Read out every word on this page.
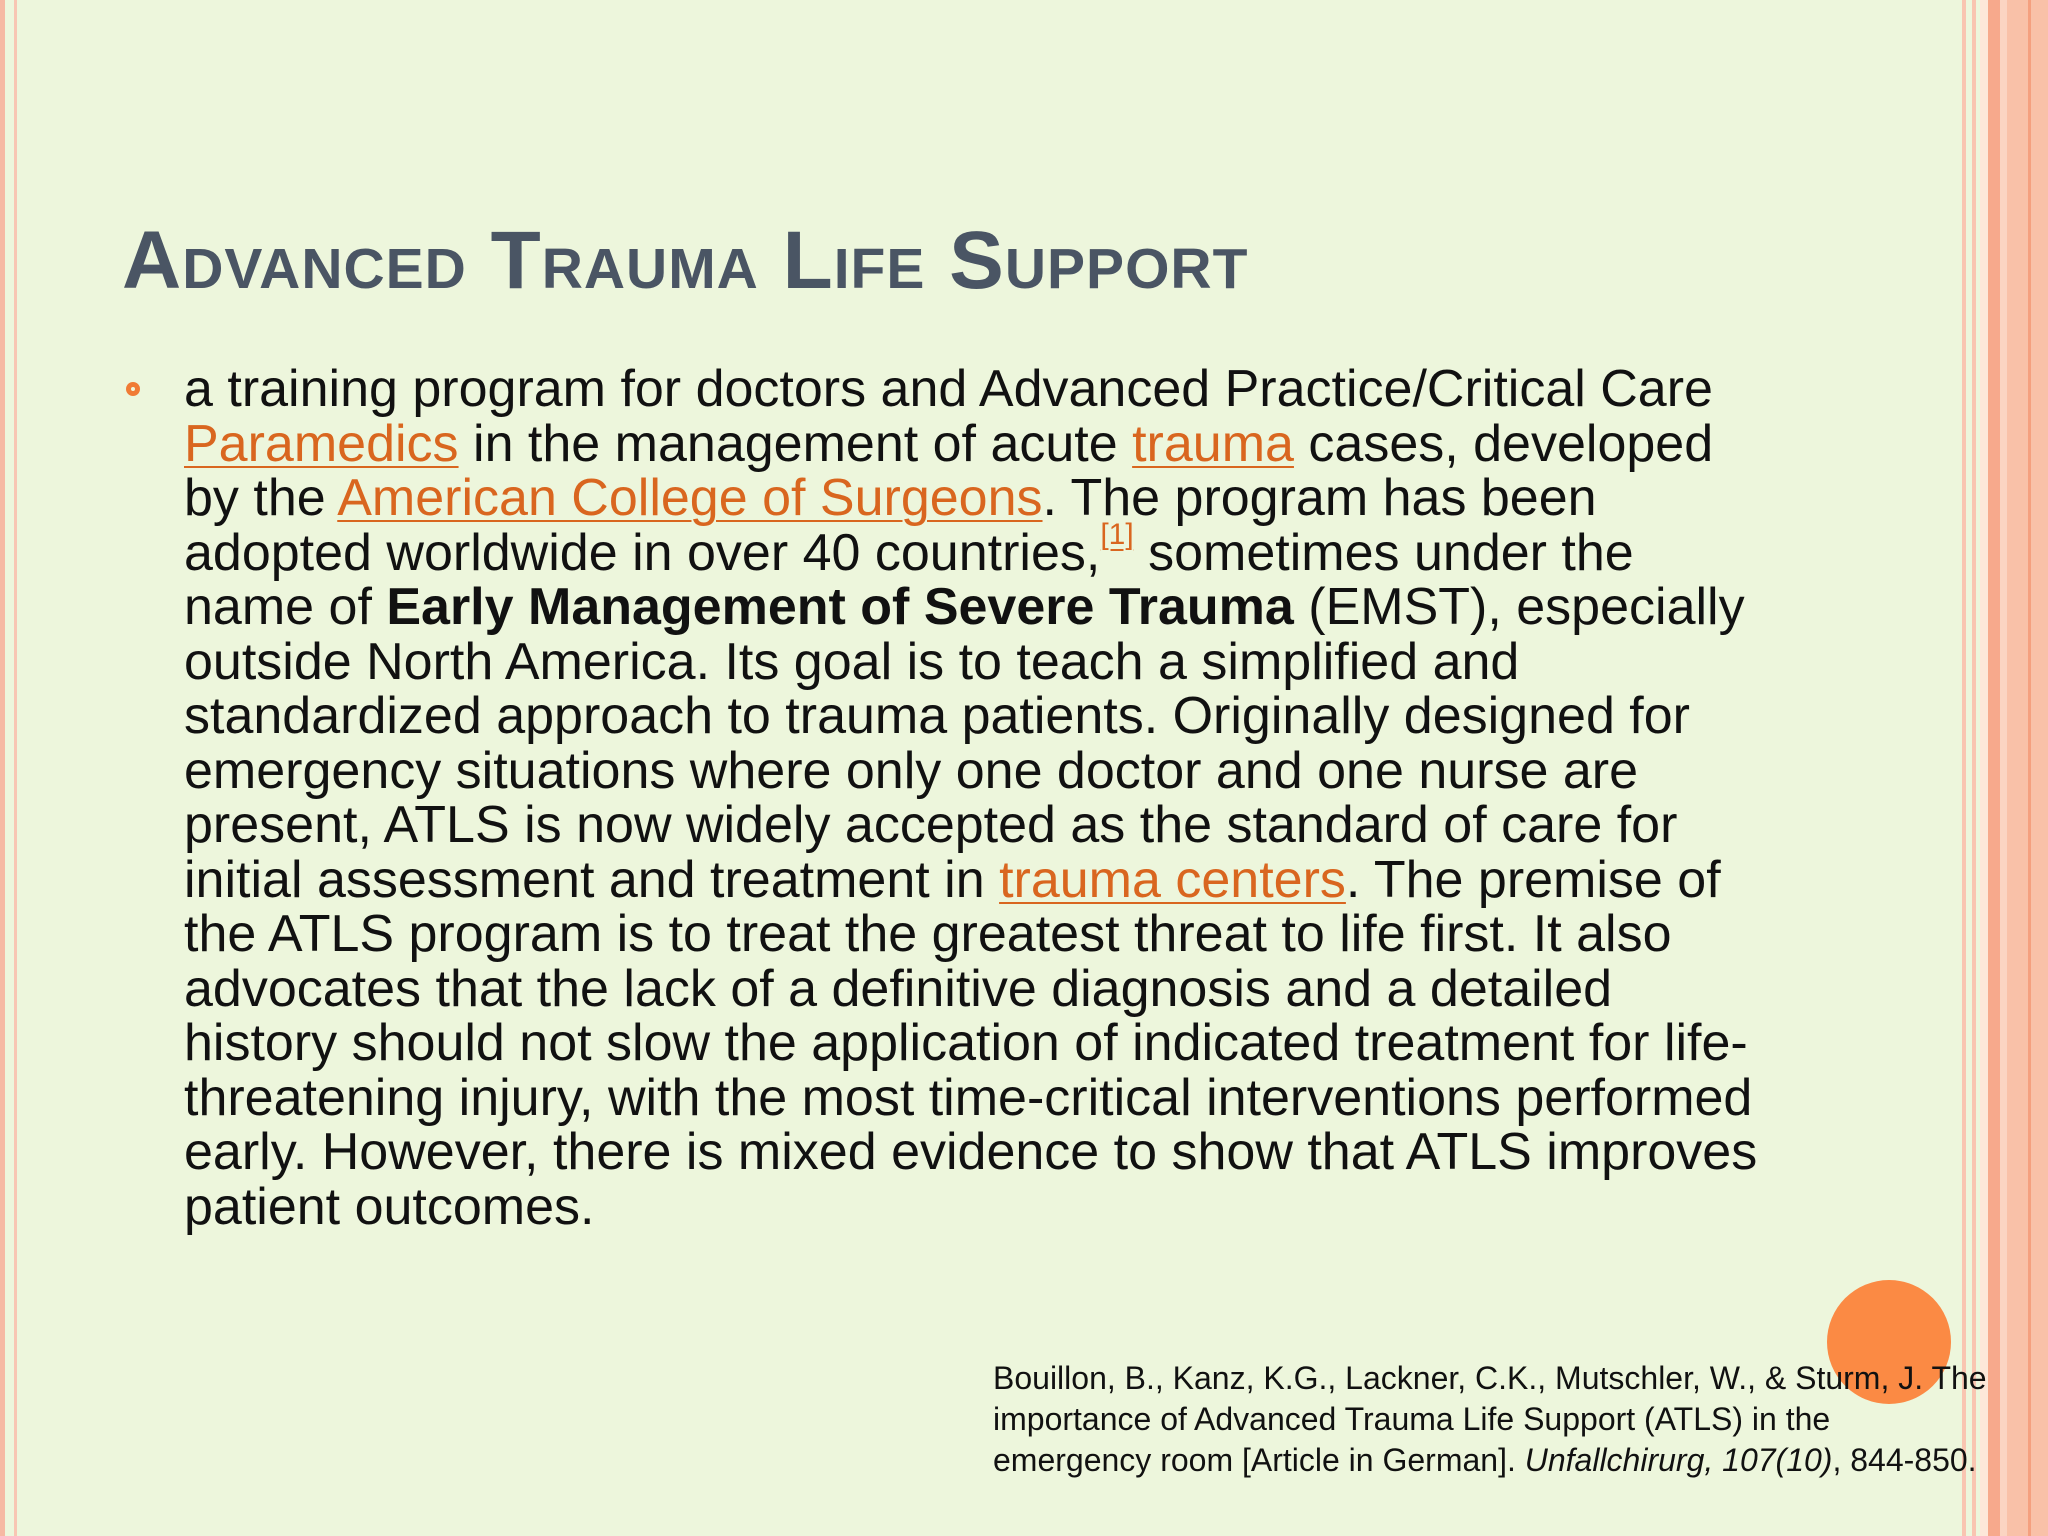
Advanced Trauma Life Support

a training program for doctors and Advanced Practice/Critical Care Paramedics in the management of acute trauma cases, developed by the American College of Surgeons. The program has been adopted worldwide in over 40 countries,[1] sometimes under the name of Early Management of Severe Trauma (EMST), especially outside North America. Its goal is to teach a simplified and standardized approach to trauma patients. Originally designed for emergency situations where only one doctor and one nurse are present, ATLS is now widely accepted as the standard of care for initial assessment and treatment in trauma centers. The premise of the ATLS program is to treat the greatest threat to life first. It also advocates that the lack of a definitive diagnosis and a detailed history should not slow the application of indicated treatment for life-threatening injury, with the most time-critical interventions performed early. However, there is mixed evidence to show that ATLS improves patient outcomes.

Bouillon, B., Kanz, K.G., Lackner, C.K., Mutschler, W., & Sturm, J. The importance of Advanced Trauma Life Support (ATLS) in the emergency room [Article in German]. Unfallchirurg, 107(10), 844-850.
